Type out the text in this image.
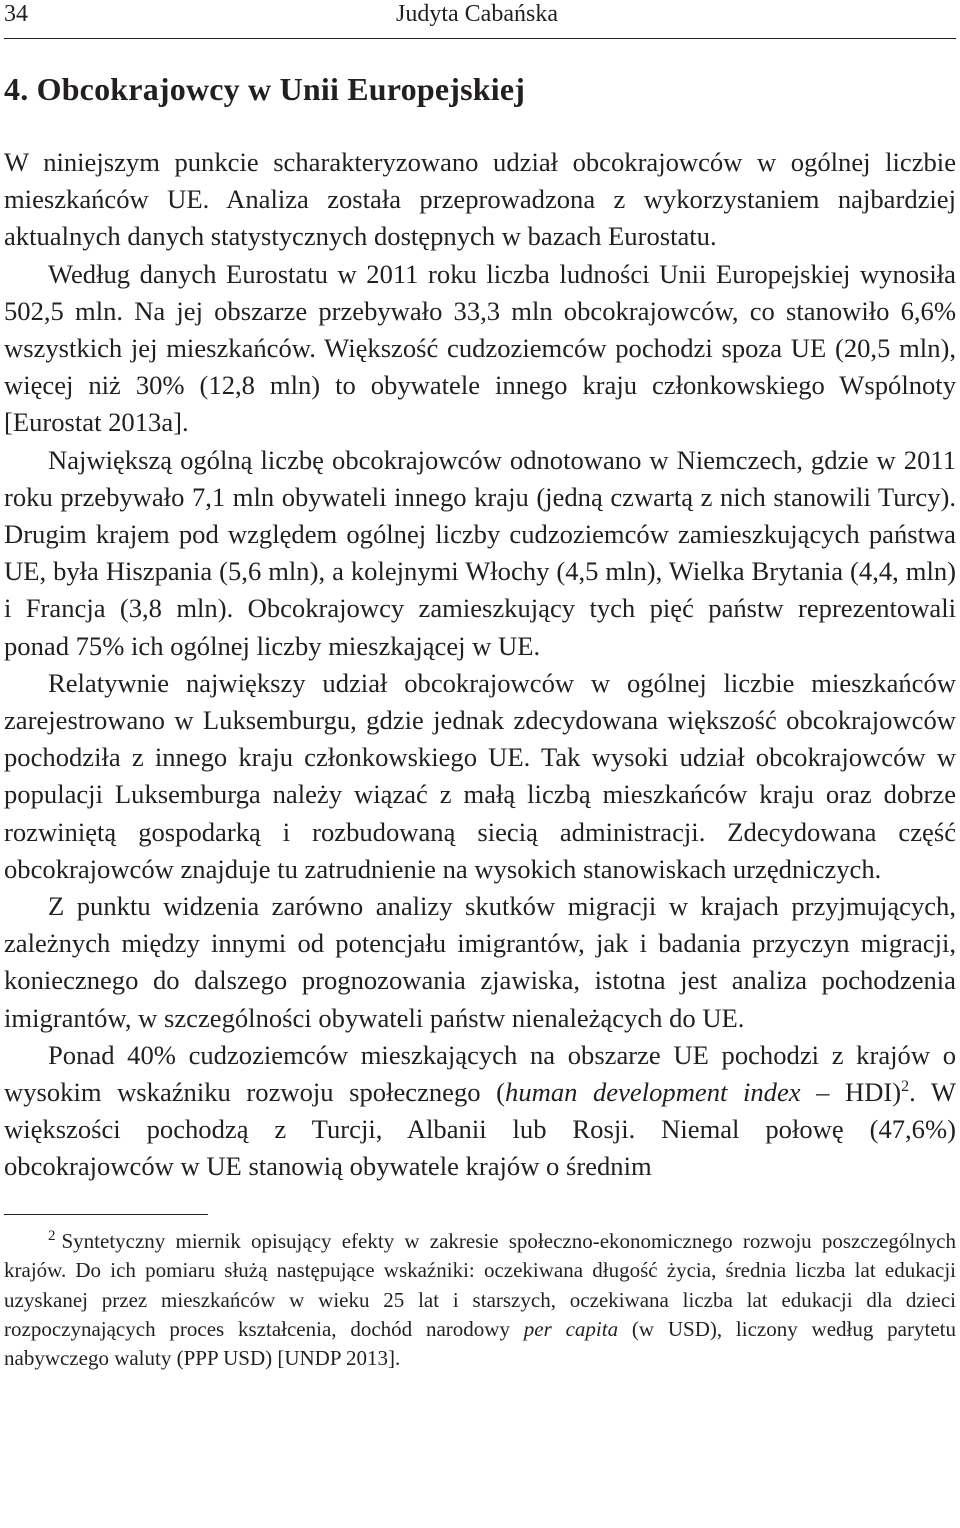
34	Judyta Cabańska
4. Obcokrajowcy w Unii Europejskiej

W niniejszym punkcie scharakteryzowano udział obcokrajowców w ogólnej liczbie mieszkańców UE. Analiza została przeprowadzona z wykorzystaniem najbardziej aktualnych danych statystycznych dostępnych w bazach Eurostatu.

Według danych Eurostatu w 2011 roku liczba ludności Unii Europejskiej wynosiła 502,5 mln. Na jej obszarze przebywało 33,3 mln obcokrajowców, co stanowiło 6,6% wszystkich jej mieszkańców. Większość cudzoziemców pochodzi spoza UE (20,5 mln), więcej niż 30% (12,8 mln) to obywatele innego kraju członkowskiego Wspólnoty [Eurostat 2013a].

Największą ogólną liczbę obcokrajowców odnotowano w Niemczech, gdzie w 2011 roku przebywało 7,1 mln obywateli innego kraju (jedną czwartą z nich stanowili Turcy). Drugim krajem pod względem ogólnej liczby cudzoziemców zamieszkujących państwa UE, była Hiszpania (5,6 mln), a kolejnymi Włochy (4,5 mln), Wielka Brytania (4,4, mln) i Francja (3,8 mln). Obcokrajowcy zamieszkujący tych pięć państw reprezentowali ponad 75% ich ogólnej liczby mieszkającej w UE.

Relatywnie największy udział obcokrajowców w ogólnej liczbie mieszkańców zarejestrowano w Luksemburgu, gdzie jednak zdecydowana większość obcokrajowców pochodziła z innego kraju członkowskiego UE. Tak wysoki udział obcokrajowców w populacji Luksemburga należy wiązać z małą liczbą mieszkańców kraju oraz dobrze rozwiniętą gospodarką i rozbudowaną siecią administracji. Zdecydowana część obcokrajowców znajduje tu zatrudnienie na wysokich stanowiskach urzędniczych.

Z punktu widzenia zarówno analizy skutków migracji w krajach przyjmujących, zależnych między innymi od potencjału imigrantów, jak i badania przyczyn migracji, koniecznego do dalszego prognozowania zjawiska, istotna jest analiza pochodzenia imigrantów, w szczególności obywateli państw nienależących do UE.

Ponad 40% cudzoziemców mieszkających na obszarze UE pochodzi z krajów o wysokim wskaźniku rozwoju społecznego (human development index – HDI)$^2$. W większości pochodzą z Turcji, Albanii lub Rosji. Niemal połowę (47,6%) obcokrajowców w UE stanowią obywatele krajów o średnim

$^2$ Syntetyczny miernik opisujący efekty w zakresie społeczno-ekonomicznego rozwoju poszczególnych krajów. Do ich pomiaru służą następujące wskaźniki: oczekiwana długość życia, średnia liczba lat edukacji uzyskanej przez mieszkańców w wieku 25 lat i starszych, oczekiwana liczba lat edukacji dla dzieci rozpoczynających proces kształcenia, dochód narodowy per capita (w USD), liczony według parytetu nabywczego waluty (PPP USD) [UNDP 2013].
